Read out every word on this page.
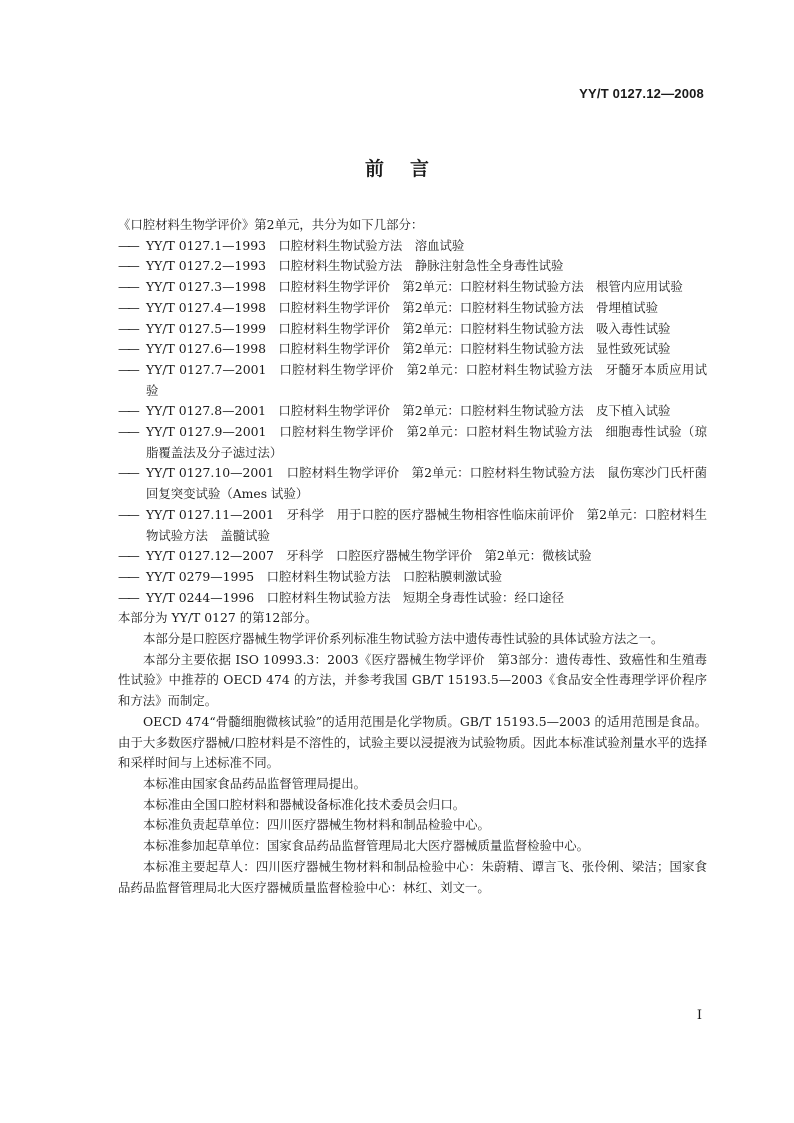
YY/T 0127.12—2008
前言

《口腔材料生物学评价》第2单元，共分为如下几部分：

—— YY/T 0127.1—1993　口腔材料生物试验方法　溶血试验
—— YY/T 0127.2—1993　口腔材料生物试验方法　静脉注射急性全身毒性试验
—— YY/T 0127.3—1998　口腔材料生物学评价　第2单元：口腔材料生物试验方法　根管内应用试验
—— YY/T 0127.4—1998　口腔材料生物学评价　第2单元：口腔材料生物试验方法　骨埋植试验
—— YY/T 0127.5—1999　口腔材料生物学评价　第2单元：口腔材料生物试验方法　吸入毒性试验
—— YY/T 0127.6—1998　口腔材料生物学评价　第2单元：口腔材料生物试验方法　显性致死试验
—— YY/T 0127.7—2001　口腔材料生物学评价　第2单元：口腔材料生物试验方法　牙髓牙本质应用试验
—— YY/T 0127.8—2001　口腔材料生物学评价　第2单元：口腔材料生物试验方法　皮下植入试验
—— YY/T 0127.9—2001　口腔材料生物学评价　第2单元：口腔材料生物试验方法　细胞毒性试验（琼脂覆盖法及分子滤过法）
—— YY/T 0127.10—2001　口腔材料生物学评价　第2单元：口腔材料生物试验方法　鼠伤寒沙门氏杆菌回复突变试验（Ames 试验）
—— YY/T 0127.11—2001　牙科学　用于口腔的医疗器械生物相容性临床前评价　第2单元：口腔材料生物试验方法　盖髓试验
—— YY/T 0127.12—2007　牙科学　口腔医疗器械生物学评价　第2单元：微核试验
—— YY/T 0279—1995　口腔材料生物试验方法　口腔粘膜刺激试验
—— YY/T 0244—1996　口腔材料生物试验方法　短期全身毒性试验：经口途径

本部分为 YY/T 0127 的第12部分。

本部分是口腔医疗器械生物学评价系列标准生物试验方法中遗传毒性试验的具体试验方法之一。

本部分主要依据 ISO 10993.3：2003《医疗器械生物学评价　第3部分：遗传毒性、致癌性和生殖毒性试验》中推荐的 OECD 474 的方法，并参考我国 GB/T 15193.5—2003《食品安全性毒理学评价程序和方法》而制定。

OECD 474“骨髓细胞微核试验”的适用范围是化学物质。GB/T 15193.5—2003 的适用范围是食品。由于大多数医疗器械/口腔材料是不溶性的，试验主要以浸提液为试验物质。因此本标准试验剂量水平的选择和采样时间与上述标准不同。

本标准由国家食品药品监督管理局提出。

本标准由全国口腔材料和器械设备标准化技术委员会归口。

本标准负责起草单位：四川医疗器械生物材料和制品检验中心。

本标准参加起草单位：国家食品药品监督管理局北大医疗器械质量监督检验中心。

本标准主要起草人：四川医疗器械生物材料和制品检验中心：朱蔚精、谭言飞、张伶俐、梁洁；国家食品药品监督管理局北大医疗器械质量监督检验中心：林红、刘文一。

I
